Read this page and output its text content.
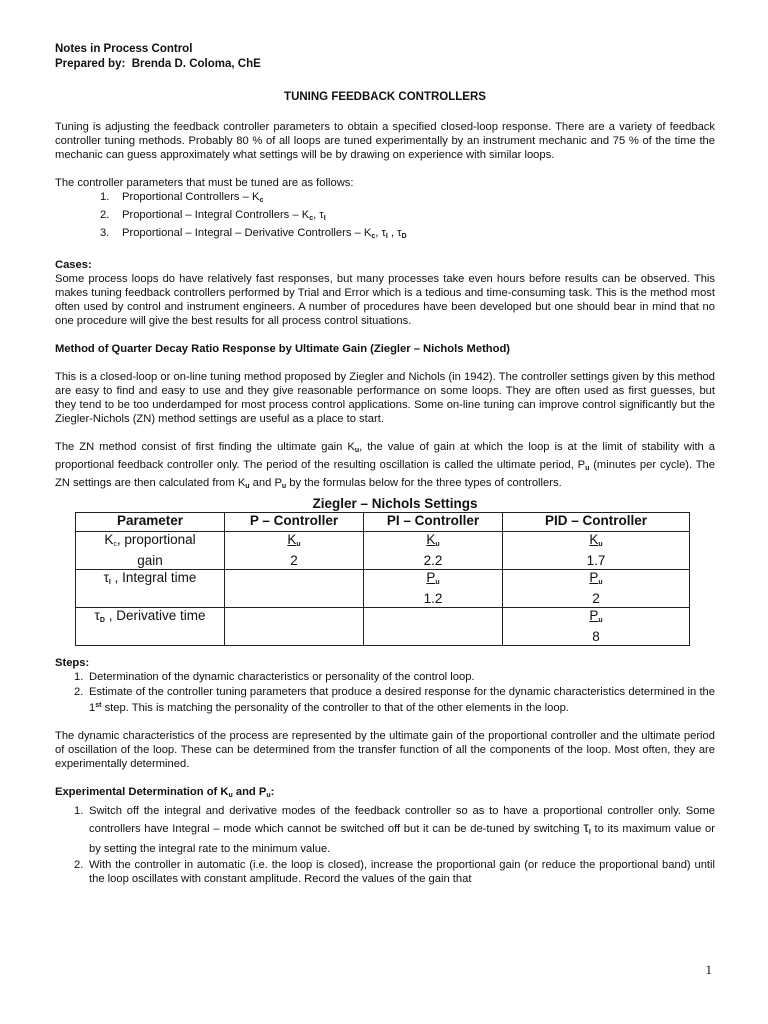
Notes in Process Control
Prepared by: Brenda D. Coloma, ChE
TUNING FEEDBACK CONTROLLERS

Tuning is adjusting the feedback controller parameters to obtain a specified closed-loop response. There are a variety of feedback controller tuning methods. Probably 80 % of all loops are tuned experimentally by an instrument mechanic and 75 % of the time the mechanic can guess approximately what settings will be by drawing on experience with similar loops.

The controller parameters that must be tuned are as follows:
1.	Proportional Controllers – $K_c$
2.	Proportional – Integral Controllers – $K_c$, $\tau_I$
3.	Proportional – Integral – Derivative Controllers – $K_c$, $\tau_I$ , $\tau_D$
Cases:

Some process loops do have relatively fast responses, but many processes take even hours before results can be observed. This makes tuning feedback controllers performed by Trial and Error which is a tedious and time-consuming task. This is the method most often used by control and instrument engineers. A number of procedures have been developed but one should bear in mind that no one procedure will give the best results for all process control situations.

Method of Quarter Decay Ratio Response by Ultimate Gain (Ziegler – Nichols Method)

This is a closed-loop or on-line tuning method proposed by Ziegler and Nichols (in 1942). The controller settings given by this method are easy to find and easy to use and they give reasonable performance on some loops. They are often used as first guesses, but they tend to be too underdamped for most process control applications. Some on-line tuning can improve control significantly but the Ziegler-Nichols (ZN) method settings are useful as a place to start.

The ZN method consist of first finding the ultimate gain $K_u$, the value of gain at which the loop is at the limit of stability with a proportional feedback controller only. The period of the resulting oscillation is called the ultimate period, $P_u$ (minutes per cycle). The ZN settings are then calculated from $K_u$ and $P_u$ by the formulas below for the three types of controllers.

Ziegler – Nichols Settings
Parameter	P – Controller	PI – Controller	PID – Controller
$K_c$, proportional
gain	$\frac{K_u}{2}$	$\frac{K_u}{2.2}$	$\frac{K_u}{1.7}$

$\tau_I$ , Integral time		$\frac{P_u}{1.2}$	$\frac{P_u}{2}$

$\tau_D$ , Derivative time			$\frac{P_u}{8}$
Steps:
1. Determination of the dynamic characteristics or personality of the control loop.
2. Estimate of the controller tuning parameters that produce a desired response for the dynamic characteristics determined in the 1st step. This is matching the personality of the controller to that of the other elements in the loop.

The dynamic characteristics of the process are represented by the ultimate gain of the proportional controller and the ultimate period of oscillation of the loop. These can be determined from the transfer function of all the components of the loop. Most often, they are experimentally determined.

Experimental Determination of $K_u$ and $P_u$:
1. Switch off the integral and derivative modes of the feedback controller so as to have a proportional controller only. Some controllers have Integral – mode which cannot be switched off but it can be de-tuned by switching $\tau_I$ to its maximum value or by setting the integral rate to the minimum value.
2. With the controller in automatic (i.e. the loop is closed), increase the proportional gain (or reduce the proportional band) until the loop oscillates with constant amplitude. Record the values of the gain that
1
